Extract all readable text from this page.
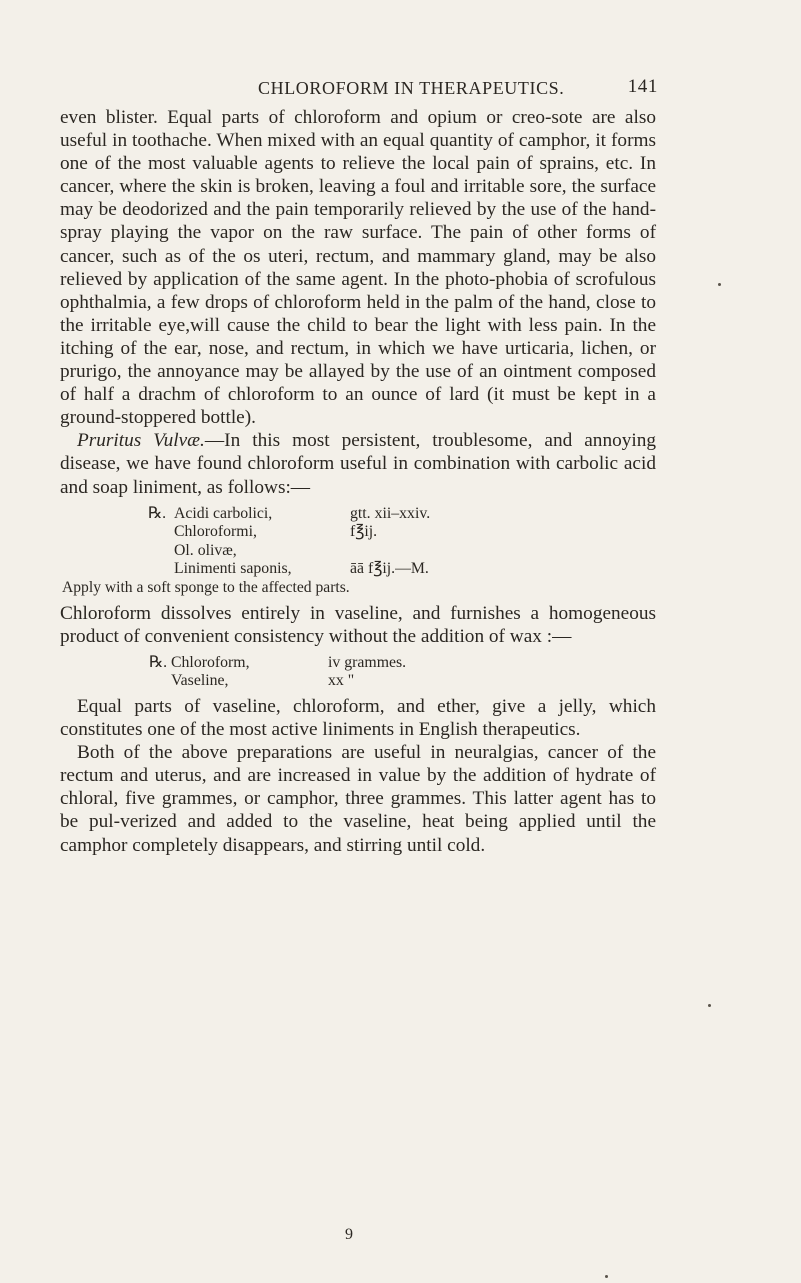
CHLOROFORM IN THERAPEUTICS.	141

even blister. Equal parts of chloroform and opium or creo-sote are also useful in toothache. When mixed with an equal quantity of camphor, it forms one of the most valuable agents to relieve the local pain of sprains, etc. In cancer, where the skin is broken, leaving a foul and irritable sore, the surface may be deodorized and the pain temporarily relieved by the use of the hand-spray playing the vapor on the raw surface. The pain of other forms of cancer, such as of the os uteri, rectum, and mammary gland, may be also relieved by application of the same agent. In the photo-phobia of scrofulous ophthalmia, a few drops of chloroform held in the palm of the hand, close to the irritable eye,will cause the child to bear the light with less pain. In the itching of the ear, nose, and rectum, in which we have urticaria, lichen, or prurigo, the annoyance may be allayed by the use of an ointment composed of half a drachm of chloroform to an ounce of lard (it must be kept in a ground-stoppered bottle).

Pruritus Vulvæ.—In this most persistent, troublesome, and annoying disease, we have found chloroform useful in combination with carbolic acid and soap liniment, as follows:—

℞. Acidi carbolici,	gtt. xii–xxiv.
Chloroformi,	f℥ij.
Ol. olivæ,
Linimenti saponis,	āā f℥ij.—M.
Apply with a soft sponge to the affected parts.

Chloroform dissolves entirely in vaseline, and furnishes a homogeneous product of convenient consistency without the addition of wax :—

℞. Chloroform,	iv grammes.
Vaseline,	xx "

Equal parts of vaseline, chloroform, and ether, give a jelly, which constitutes one of the most active liniments in English therapeutics.

Both of the above preparations are useful in neuralgias, cancer of the rectum and uterus, and are increased in value by the addition of hydrate of chloral, five grammes, or camphor, three grammes. This latter agent has to be pul-verized and added to the vaseline, heat being applied until the camphor completely disappears, and stirring until cold.

9
